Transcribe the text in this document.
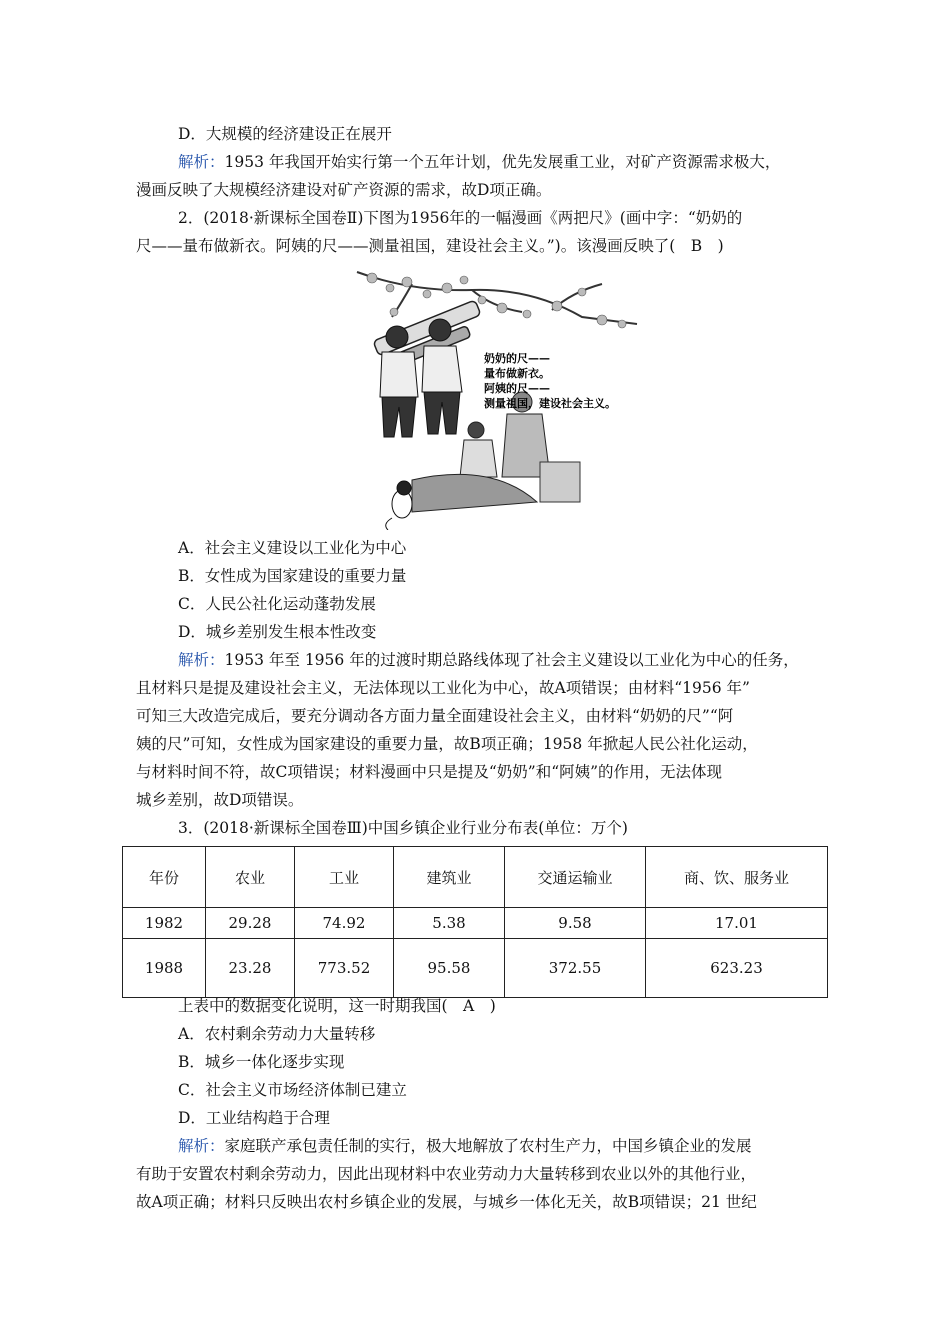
D．大规模的经济建设正在展开
解析：1953 年我国开始实行第一个五年计划，优先发展重工业，对矿产资源需求极大，
漫画反映了大规模经济建设对矿产资源的需求，故D项正确。
2．(2018·新课标全国卷Ⅱ)下图为1956年的一幅漫画《两把尺》(画中字：“奶奶的
尺——量布做新衣。阿姨的尺——测量祖国，建设社会主义。”)。该漫画反映了(　B　)
奶奶的尺——
量布做新衣。
阿姨的尺——
测量祖国，建设社会主义。
A．社会主义建设以工业化为中心
B．女性成为国家建设的重要力量
C．人民公社化运动蓬勃发展
D．城乡差别发生根本性改变
解析：1953 年至 1956 年的过渡时期总路线体现了社会主义建设以工业化为中心的任务，
且材料只是提及建设社会主义，无法体现以工业化为中心，故A项错误；由材料“1956 年”
可知三大改造完成后，要充分调动各方面力量全面建设社会主义，由材料“奶奶的尺”“阿
姨的尺”可知，女性成为国家建设的重要力量，故B项正确；1958 年掀起人民公社化运动，
与材料时间不符，故C项错误；材料漫画中只是提及“奶奶”和“阿姨”的作用，无法体现
城乡差别，故D项错误。
3．(2018·新课标全国卷Ⅲ)中国乡镇企业行业分布表(单位：万个)
年份	农业	工业	建筑业	交通运输业	商、饮、服务业
1982	29.28	74.92	5.38	9.58	17.01
1988	23.28	773.52	95.58	372.55	623.23
上表中的数据变化说明，这一时期我国(　A　)
A．农村剩余劳动力大量转移
B．城乡一体化逐步实现
C．社会主义市场经济体制已建立
D．工业结构趋于合理
解析：家庭联产承包责任制的实行，极大地解放了农村生产力，中国乡镇企业的发展
有助于安置农村剩余劳动力，因此出现材料中农业劳动力大量转移到农业以外的其他行业，
故A项正确；材料只反映出农村乡镇企业的发展，与城乡一体化无关，故B项错误；21 世纪
